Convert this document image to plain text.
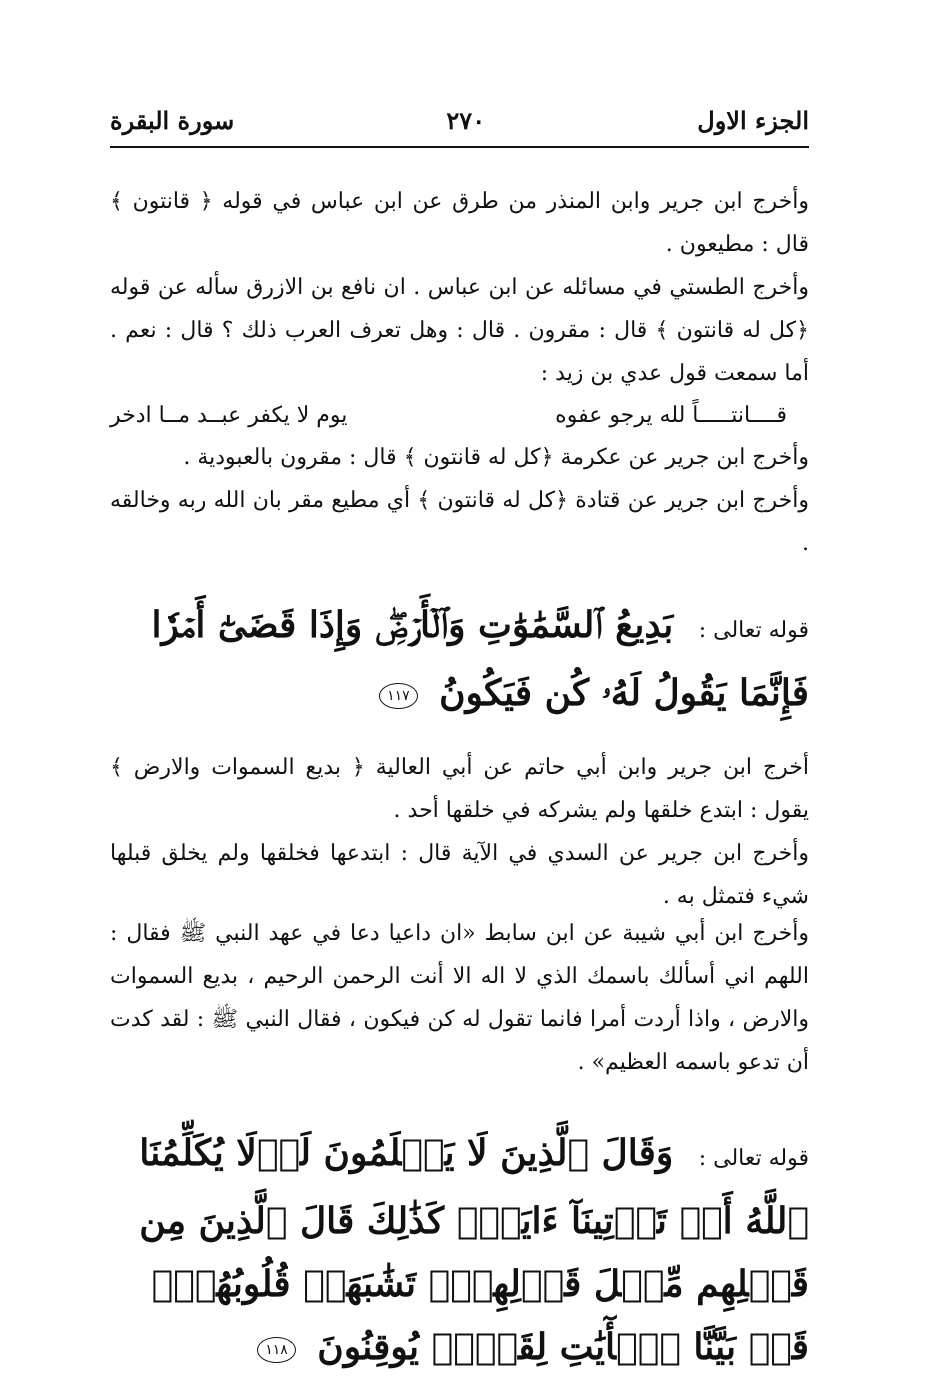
الجزء الاول
٢٧٠
سورة البقرة

وأخرج ابن جرير وابن المنذر من طرق عن ابن عباس في قوله ﴿ قانتون ﴾ قال : مطيعون .

وأخرج الطستي في مسائله عن ابن عباس . ان نافع بن الازرق سأله عن قوله ﴿كل له قانتون ﴾ قال : مقرون . قال : وهل تعرف العرب ذلك ؟ قال : نعم . أما سمعت قول عدي بن زيد :

قــــانتـــــاً لله يرجو عفوه
يوم لا يكفر عبــد مــا ادخر

وأخرج ابن جرير عن عكرمة ﴿كل له قانتون ﴾ قال : مقرون بالعبودية .

وأخرج ابن جرير عن قتادة ﴿كل له قانتون ﴾ أي مطيع مقر بان الله ربه وخالقه .

قوله تعالى : بَدِيعُ ٱلسَّمَٰوَٰتِ وَٱلۡأَرۡضِۖ وَإِذَا قَضَىٰٓ أَمۡرٗا فَإِنَّمَا يَقُولُ لَهُۥ كُن فَيَكُونُ ١١٧

أخرج ابن جرير وابن أبي حاتم عن أبي العالية ﴿ بديع السموات والارض ﴾ يقول : ابتدع خلقها ولم يشركه في خلقها أحد .

وأخرج ابن جرير عن السدي في الآية قال : ابتدعها فخلقها ولم يخلق قبلها شيء فتمثل به .

وأخرج ابن أبي شيبة عن ابن سابط «ان داعيا دعا في عهد النبي ﷺ فقال : اللهم اني أسألك باسمك الذي لا اله الا أنت الرحمن الرحيم ، بديع السموات والارض ، واذا أردت أمرا فانما تقول له كن فيكون ، فقال النبي ﷺ : لقد كدت أن تدعو باسمه العظيم» .

قوله تعالى : وَقَالَ ٱلَّذِينَ لَا يَعۡلَمُونَ لَوۡلَا يُكَلِّمُنَا ٱللَّهُ أَوۡ تَأۡتِينَآ ءَايَةٞۗ كَذَٰلِكَ قَالَ ٱلَّذِينَ مِن قَبۡلِهِم مِّثۡلَ قَوۡلِهِمۡۘ تَشَٰبَهَتۡ قُلُوبُهُمۡۗ قَدۡ بَيَّنَّا ٱلۡأٓيَٰتِ لِقَوۡمٖ يُوقِنُونَ ١١٨
